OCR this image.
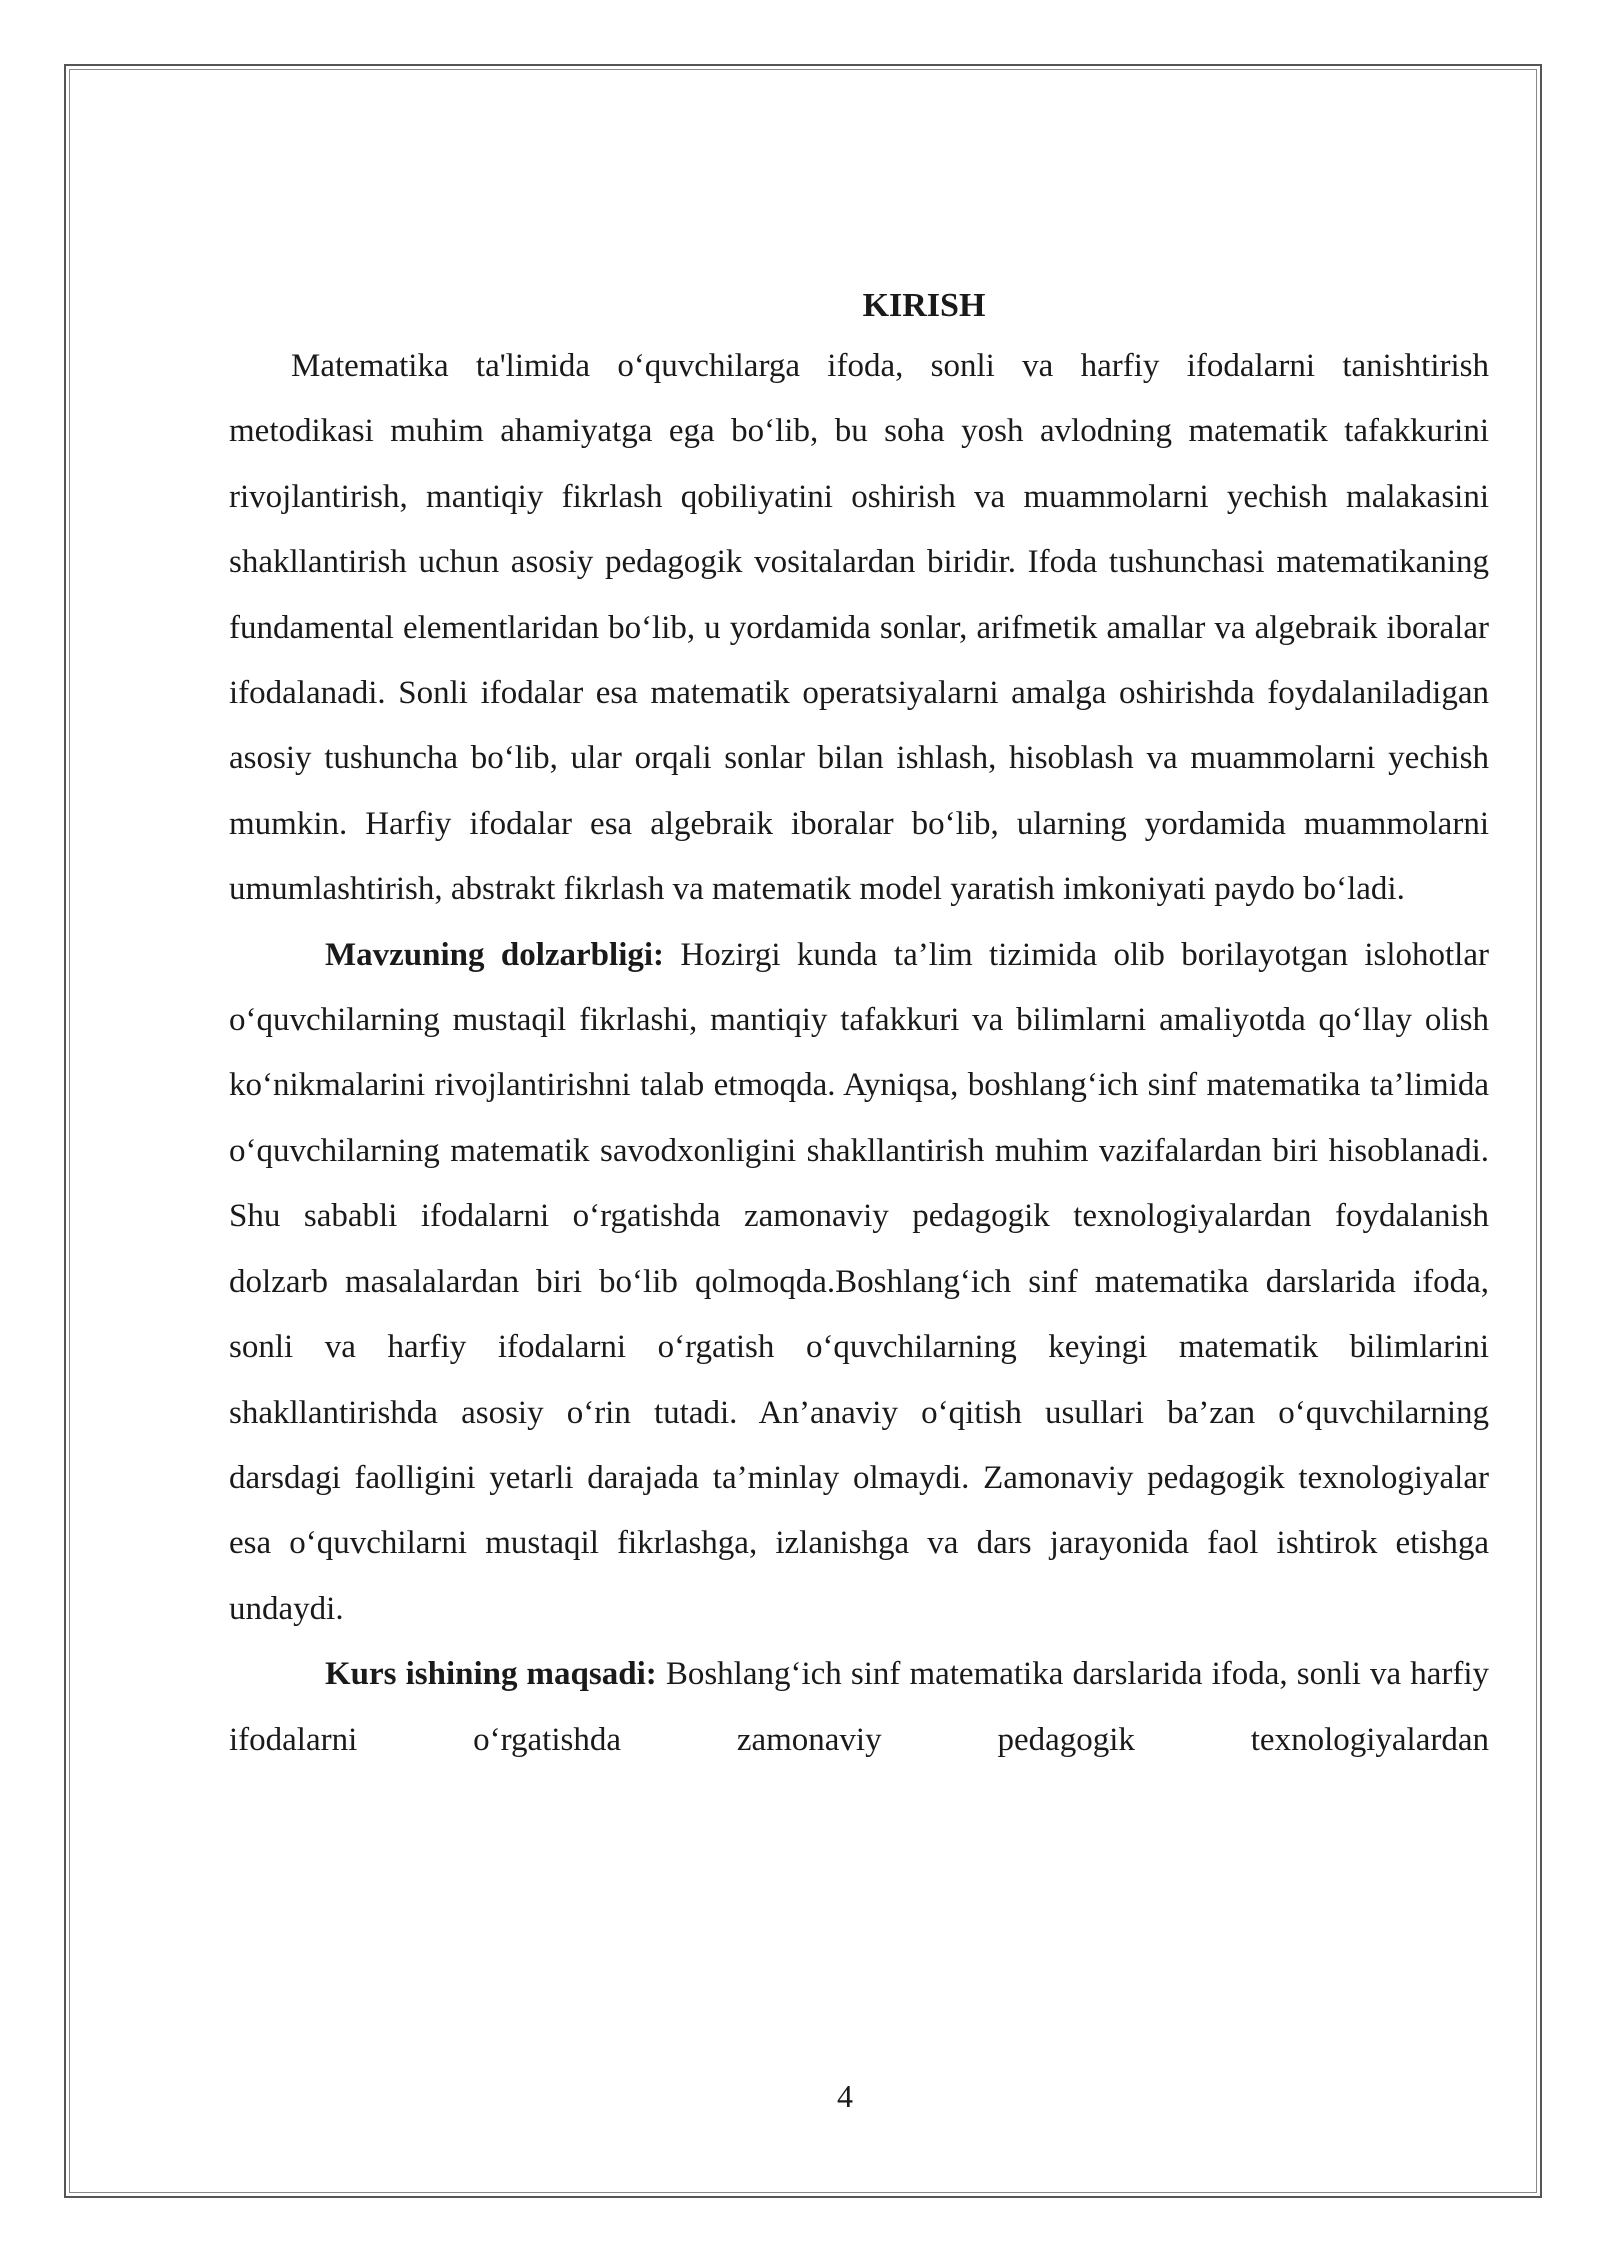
KIRISH

Matematika ta'limida o‘quvchilarga ifoda, sonli va harfiy ifodalarni tanishtirish metodikasi muhim ahamiyatga ega bo‘lib, bu soha yosh avlodning matematik tafakkurini rivojlantirish, mantiqiy fikrlash qobiliyatini oshirish va muammolarni yechish malakasini shakllantirish uchun asosiy pedagogik vositalardan biridir. Ifoda tushunchasi matematikaning fundamental elementlaridan bo‘lib, u yordamida sonlar, arifmetik amallar va algebraik iboralar ifodalanadi. Sonli ifodalar esa matematik operatsiyalarni amalga oshirishda foydalaniladigan asosiy tushuncha bo‘lib, ular orqali sonlar bilan ishlash, hisoblash va muammolarni yechish mumkin. Harfiy ifodalar esa algebraik iboralar bo‘lib, ularning yordamida muammolarni umumlashtirish, abstrakt fikrlash va matematik model yaratish imkoniyati paydo bo‘ladi.

Mavzuning dolzarbligi: Hozirgi kunda ta’lim tizimida olib borilayotgan islohotlar o‘quvchilarning mustaqil fikrlashi, mantiqiy tafakkuri va bilimlarni amaliyotda qo‘llay olish ko‘nikmalarini rivojlantirishni talab etmoqda. Ayniqsa, boshlang‘ich sinf matematika ta’limida o‘quvchilarning matematik savodxonligini shakllantirish muhim vazifalardan biri hisoblanadi. Shu sababli ifodalarni o‘rgatishda zamonaviy pedagogik texnologiyalardan foydalanish dolzarb masalalardan biri bo‘lib qolmoqda.Boshlang‘ich sinf matematika darslarida ifoda, sonli va harfiy ifodalarni o‘rgatish o‘quvchilarning keyingi matematik bilimlarini shakllantirishda asosiy o‘rin tutadi. An’anaviy o‘qitish usullari ba’zan o‘quvchilarning darsdagi faolligini yetarli darajada ta’minlay olmaydi. Zamonaviy pedagogik texnologiyalar esa o‘quvchilarni mustaqil fikrlashga, izlanishga va dars jarayonida faol ishtirok etishga undaydi.

Kurs ishining maqsadi: Boshlang‘ich sinf matematika darslarida ifoda, sonli va harfiy ifodalarni o‘rgatishda zamonaviy pedagogik texnologiyalardan

4
